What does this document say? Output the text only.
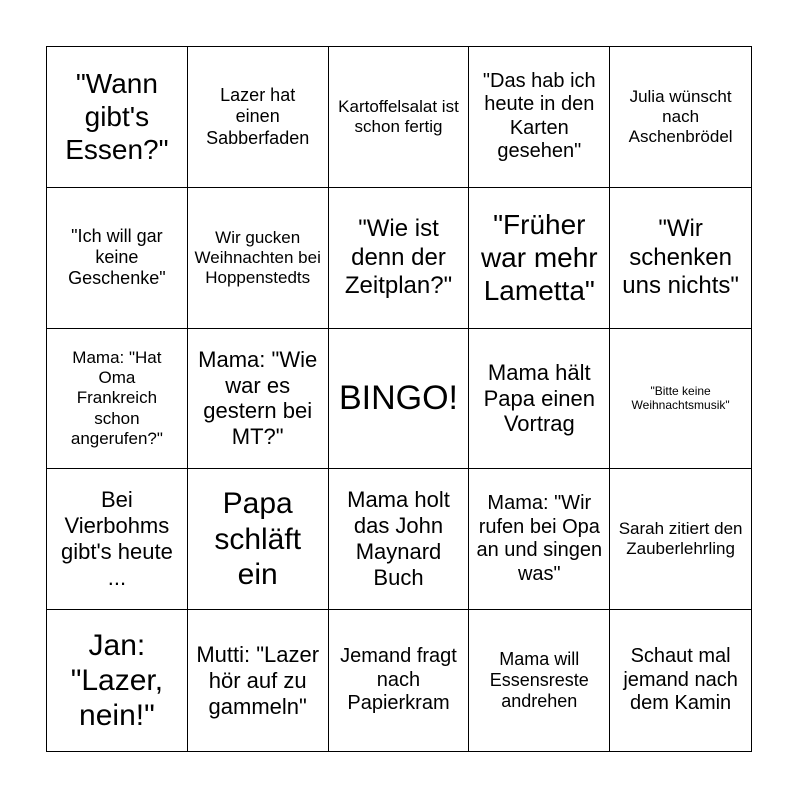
"Wann gibt's Essen?"
Lazer hat einen Sabberfaden
Kartoffelsalat ist schon fertig
"Das hab ich heute in den Karten gesehen"
Julia wünscht nach Aschenbrödel
"Ich will gar keine Geschenke"
Wir gucken Weihnachten bei Hoppenstedts
"Wie ist denn der Zeitplan?"
"Früher war mehr Lametta"
"Wir schenken uns nichts"
Mama: "Hat Oma Frankreich schon angerufen?"
Mama: "Wie war es gestern bei MT?"
BINGO!
Mama hält Papa einen Vortrag
"Bitte keine Weihnachtsmusik"
Bei Vierbohms gibt's heute ...
Papa schläft ein
Mama holt das John Maynard Buch
Mama: "Wir rufen bei Opa an und singen was"
Sarah zitiert den Zauberlehrling
Jan: "Lazer, nein!"
Mutti: "Lazer hör auf zu gammeln"
Jemand fragt nach Papierkram
Mama will Essensreste andrehen
Schaut mal jemand nach dem Kamin
